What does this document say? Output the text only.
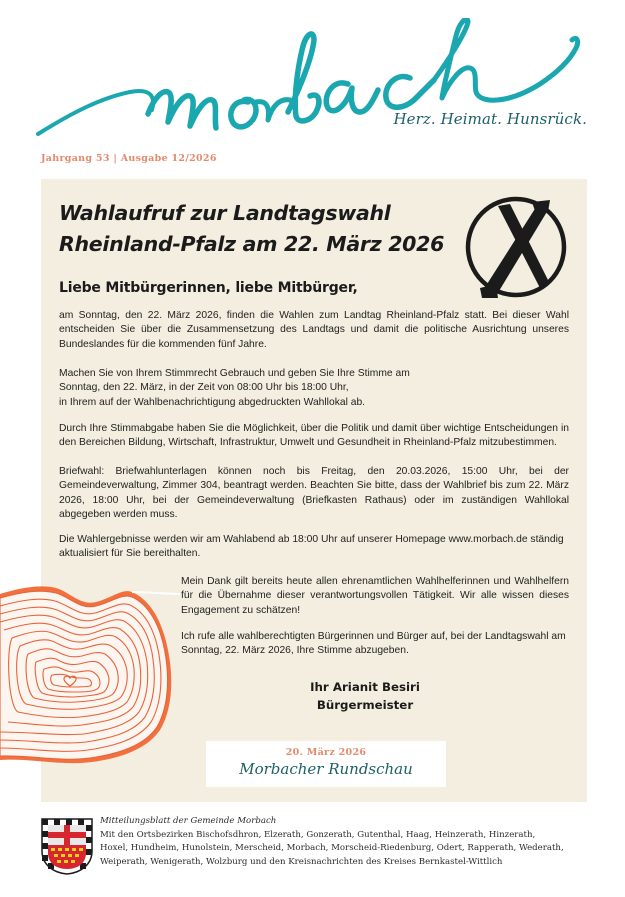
Herz. Heimat. Hunsrück.
Jahrgang 53 | Ausgabe 12/2026
Wahlaufruf zur Landtagswahl
Rheinland-Pfalz am 22. März 2026
Liebe Mitbürgerinnen, liebe Mitbürger,

am Sonntag, den 22. März 2026, finden die Wahlen zum Landtag Rheinland-Pfalz statt. Bei dieser Wahl entscheiden Sie über die Zusammensetzung des Landtags und damit die politische Ausrichtung unseres Bundeslandes für die kommenden fünf Jahre.

Machen Sie von Ihrem Stimmrecht Gebrauch und geben Sie Ihre Stimme am
Sonntag, den 22. März, in der Zeit von 08:00 Uhr bis 18:00 Uhr,
in Ihrem auf der Wahlbenachrichtigung abgedruckten Wahllokal ab.

Durch Ihre Stimmabgabe haben Sie die Möglichkeit, über die Politik und damit über wichtige Entscheidungen in den Bereichen Bildung, Wirtschaft, Infrastruktur, Umwelt und Gesundheit in Rheinland-Pfalz mitzubestimmen.

Briefwahl: Briefwahlunterlagen können noch bis Freitag, den 20.03.2026, 15:00 Uhr, bei der Gemeindeverwaltung, Zimmer 304, beantragt werden. Beachten Sie bitte, dass der Wahlbrief bis zum 22. März 2026, 18:00 Uhr, bei der Gemeindeverwaltung (Briefkasten Rathaus) oder im zuständigen Wahllokal abgegeben werden muss.

Die Wahlergebnisse werden wir am Wahlabend ab 18:00 Uhr auf unserer Homepage www.morbach.de ständig aktualisiert für Sie bereithalten.

Mein Dank gilt bereits heute allen ehrenamtlichen Wahlhelferinnen und Wahlhelfern für die Übernahme dieser verantwortungsvollen Tätigkeit. Wir alle wissen dieses Engagement zu schätzen!

Ich rufe alle wahlberechtigten Bürgerinnen und Bürger auf, bei der Landtagswahl am Sonntag, 22. März 2026, Ihre Stimme abzugeben.

Ihr Arianit Besiri
Bürgermeister
20. März 2026
Morbacher Rundschau
Mitteilungsblatt der Gemeinde Morbach
Mit den Ortsbezirken Bischofsdhron, Elzerath, Gonzerath, Gutenthal, Haag, Heinzerath, Hinzerath,
Hoxel, Hundheim, Hunolstein, Merscheid, Morbach, Morscheid-Riedenburg, Odert, Rapperath, Wederath,
Weiperath, Wenigerath, Wolzburg und den Kreisnachrichten des Kreises Bernkastel-Wittlich
